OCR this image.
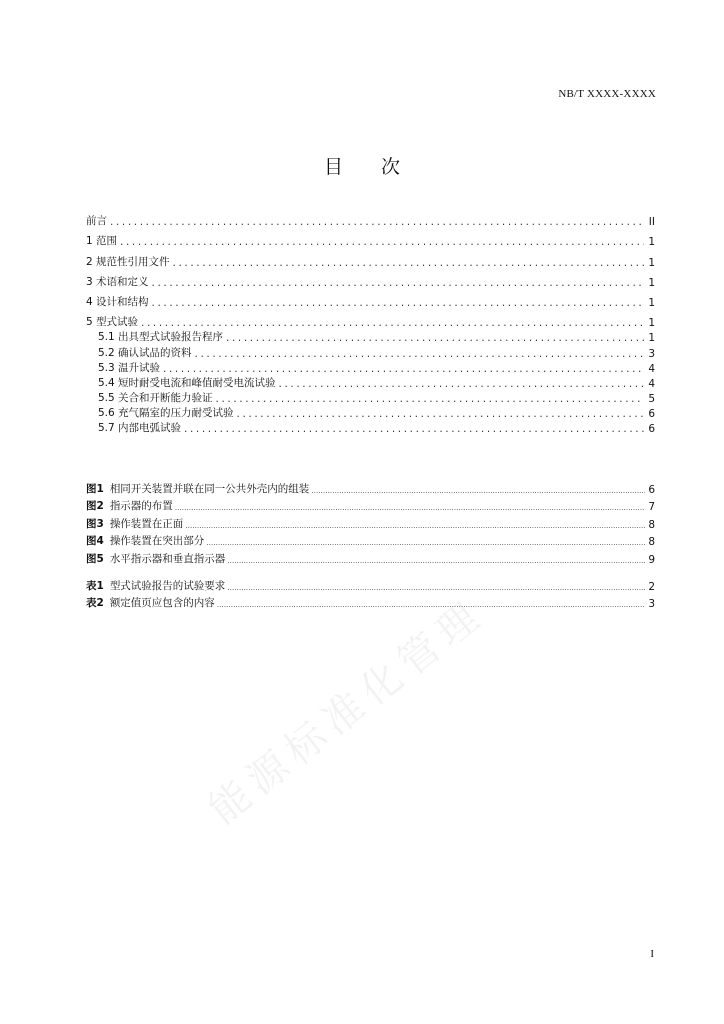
NB/T XXXX-XXXX
目次
前言 .....	II
1 范围 .....	1
2 规范性引用文件 .....	1
3 术语和定义 .....	1
4 设计和结构 .....	1
5 型式试验 .....	1
5.1 出具型式试验报告程序 .....	1
5.2 确认试品的资料 .....	3
5.3 温升试验 .....	4
5.4 短时耐受电流和峰值耐受电流试验 .....	4
5.5 关合和开断能力验证 .....	5
5.6 充气隔室的压力耐受试验 .....	6
5.7 内部电弧试验 .....	6
图1 相同开关装置并联在同一公共外壳内的组装 .....	6
图2 指示器的布置 .....	7
图3 操作装置在正面 .....	8
图4 操作装置在突出部分 .....	8
图5 水平指示器和垂直指示器 .....	9
表1 型式试验报告的试验要求 .....	2
表2 额定值页应包含的内容 .....	3
能源标准化管理
I
